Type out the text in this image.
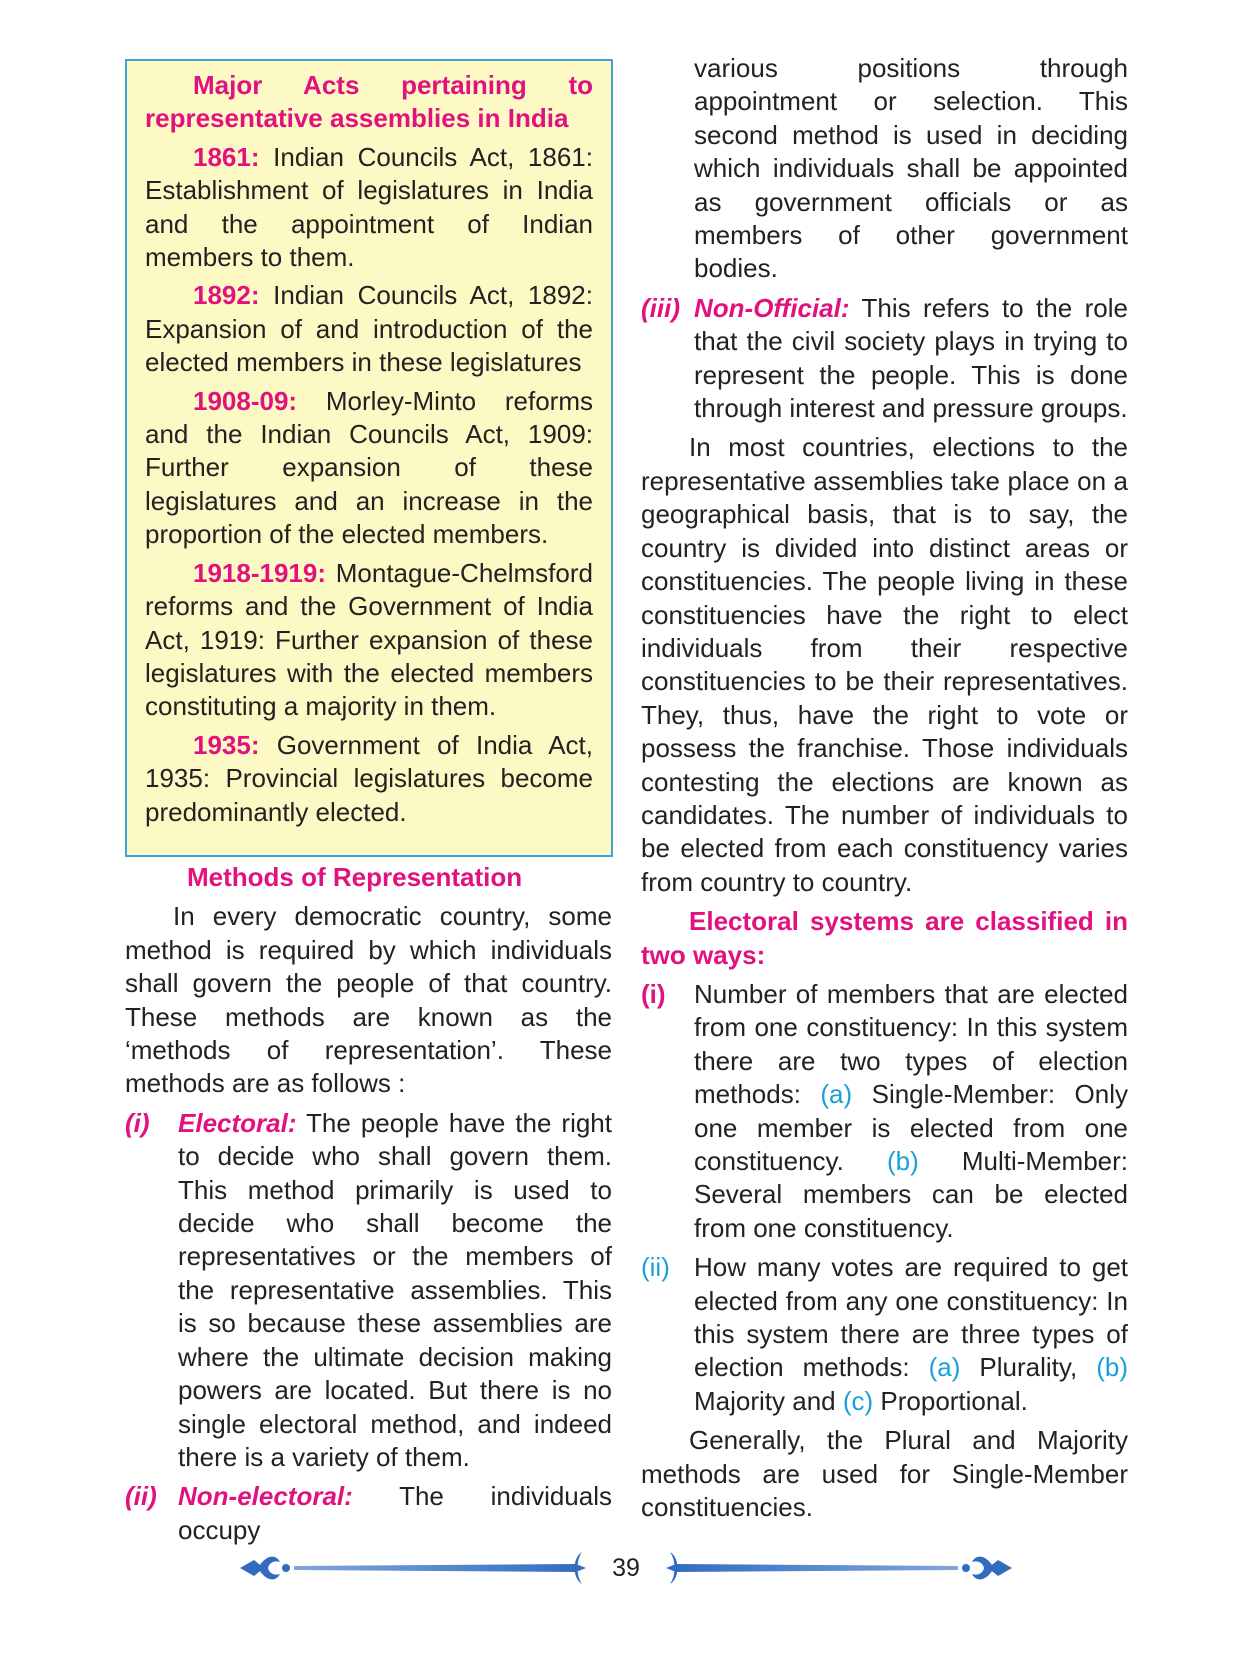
Major Acts pertaining to representative assemblies in India

1861: Indian Councils Act, 1861: Establishment of legislatures in India and the appointment of Indian members to them.

1892: Indian Councils Act, 1892: Expansion of and introduction of the elected members in these legislatures

1908-09: Morley-Minto reforms and the Indian Councils Act, 1909: Further expansion of these legislatures and an increase in the proportion of the elected members.

1918-1919: Montague-Chelmsford reforms and the Government of India Act, 1919: Further expansion of these legislatures with the elected members constituting a majority in them.

1935: Government of India Act, 1935: Provincial legislatures become predominantly elected.

Methods of Representation

In every democratic country, some method is required by which individuals shall govern the people of that country. These methods are known as the ‘methods of representation’. These methods are as follows :

(i) Electoral: The people have the right to decide who shall govern them. This method primarily is used to decide who shall become the representatives or the members of the representative assemblies. This is so because these assemblies are where the ultimate decision making powers are located. But there is no single electoral method, and indeed there is a variety of them.
(ii) Non-electoral: The individuals occupy

various positions through appointment or selection. This second method is used in deciding which individuals shall be appointed as government officials or as members of other government bodies.

(iii) Non-Official: This refers to the role that the civil society plays in trying to represent the people. This is done through interest and pressure groups.

In most countries, elections to the representative assemblies take place on a geographical basis, that is to say, the country is divided into distinct areas or constituencies. The people living in these constituencies have the right to elect individuals from their respective constituencies to be their representatives. They, thus, have the right to vote or possess the franchise. Those individuals contesting the elections are known as candidates. The number of individuals to be elected from each constituency varies from country to country.

Electoral systems are classified in two ways:

(i) Number of members that are elected from one constituency: In this system there are two types of election methods: (a) Single-Member: Only one member is elected from one constituency. (b) Multi-Member: Several members can be elected from one constituency.
(ii) How many votes are required to get elected from any one constituency: In this system there are three types of election methods: (a) Plurality, (b) Majority and (c) Proportional.

Generally, the Plural and Majority methods are used for Single-Member constituencies.

39
